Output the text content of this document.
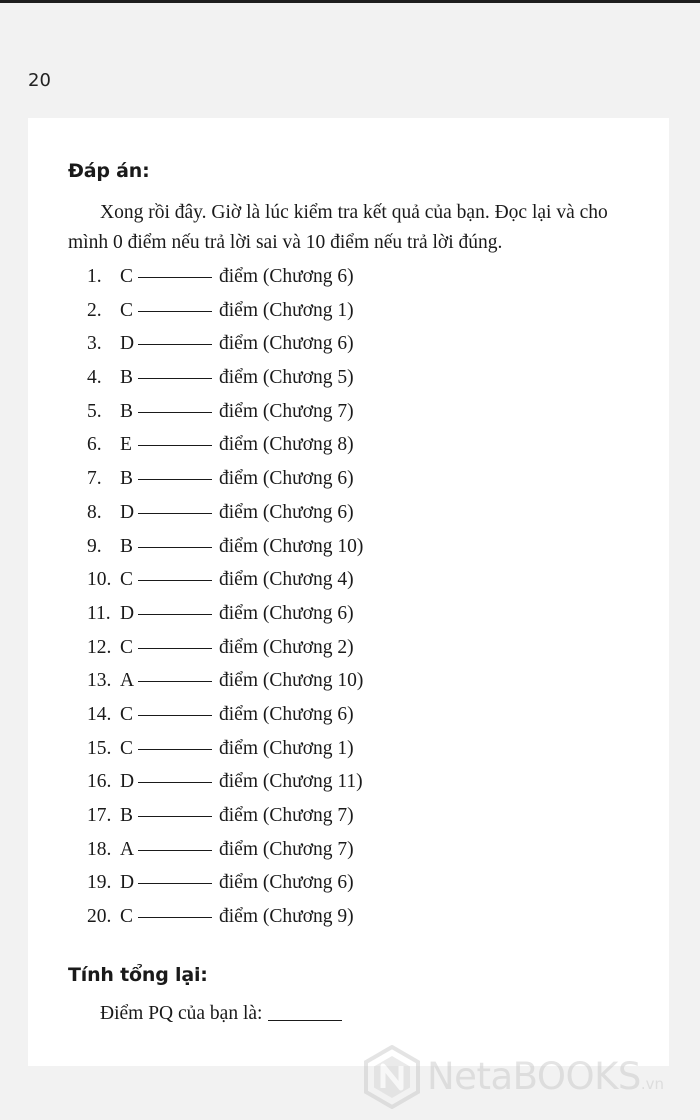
20
Đáp án:

Xong rồi đây. Giờ là lúc kiểm tra kết quả của bạn. Đọc lại và cho mình 0 điểm nếu trả lời sai và 10 điểm nếu trả lời đúng.

1. C	điểm (Chương 6)
2. C	điểm (Chương 1)
3. D	điểm (Chương 6)
4. B	điểm (Chương 5)
5. B	điểm (Chương 7)
6. E	điểm (Chương 8)
7. B	điểm (Chương 6)
8. D	điểm (Chương 6)
9. B	điểm (Chương 10)
10. C	điểm (Chương 4)
11. D	điểm (Chương 6)
12. C	điểm (Chương 2)
13. A	điểm (Chương 10)
14. C	điểm (Chương 6)
15. C	điểm (Chương 1)
16. D	điểm (Chương 11)
17. B	điểm (Chương 7)
18. A	điểm (Chương 7)
19. D	điểm (Chương 6)
20. C	điểm (Chương 9)
Tính tổng lại:

Điểm PQ của bạn là:

NetaBOOKS.vn
